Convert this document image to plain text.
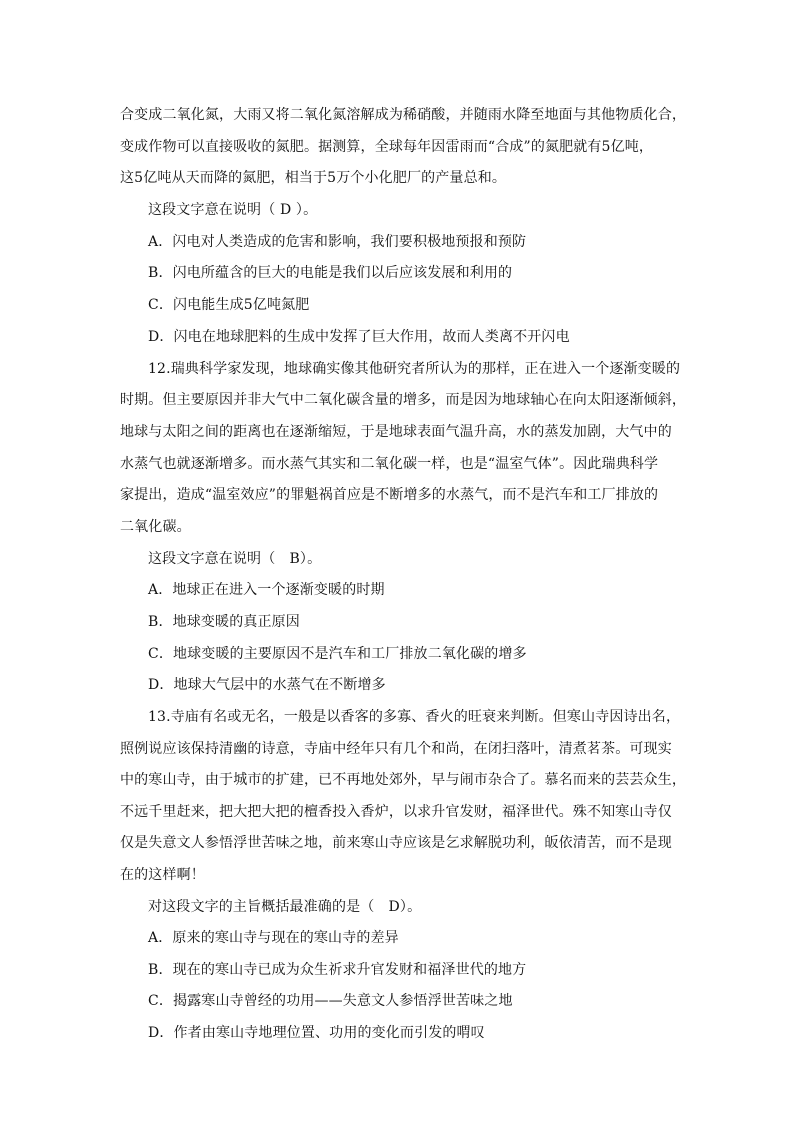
合变成二氧化氮，大雨又将二氧化氮溶解成为稀硝酸，并随雨水降至地面与其他物质化合，
变成作物可以直接吸收的氮肥。据测算，全球每年因雷雨而“合成”的氮肥就有5亿吨，
这5亿吨从天而降的氮肥，相当于5万个小化肥厂的产量总和。
这段文字意在说明（ D ）。
A．闪电对人类造成的危害和影响，我们要积极地预报和预防
B．闪电所蕴含的巨大的电能是我们以后应该发展和利用的
C．闪电能生成5亿吨氮肥
D．闪电在地球肥料的生成中发挥了巨大作用，故而人类离不开闪电
12.瑞典科学家发现，地球确实像其他研究者所认为的那样，正在进入一个逐渐变暖的
时期。但主要原因并非大气中二氧化碳含量的增多，而是因为地球轴心在向太阳逐渐倾斜，
地球与太阳之间的距离也在逐渐缩短，于是地球表面气温升高，水的蒸发加剧，大气中的
水蒸气也就逐渐增多。而水蒸气其实和二氧化碳一样，也是“温室气体”。因此瑞典科学
家提出，造成“温室效应”的罪魁祸首应是不断增多的水蒸气，而不是汽车和工厂排放的
二氧化碳。
这段文字意在说明（　B）。
A．地球正在进入一个逐渐变暖的时期
B．地球变暖的真正原因
C．地球变暖的主要原因不是汽车和工厂排放二氧化碳的增多
D．地球大气层中的水蒸气在不断增多
13.寺庙有名或无名，一般是以香客的多寡、香火的旺衰来判断。但寒山寺因诗出名，
照例说应该保持清幽的诗意，寺庙中经年只有几个和尚，在闭扫落叶，清煮茗茶。可现实
中的寒山寺，由于城市的扩建，已不再地处郊外，早与闹市杂合了。慕名而来的芸芸众生，
不远千里赶来，把大把大把的檀香投入香炉，以求升官发财，福泽世代。殊不知寒山寺仅
仅是失意文人参悟浮世苦味之地，前来寒山寺应该是乞求解脱功利，皈依清苦，而不是现
在的这样啊！
对这段文字的主旨概括最准确的是（　D）。
A．原来的寒山寺与现在的寒山寺的差异
B．现在的寒山寺已成为众生祈求升官发财和福泽世代的地方
C．揭露寒山寺曾经的功用——失意文人参悟浮世苦味之地
D．作者由寒山寺地理位置、功用的变化而引发的喟叹
